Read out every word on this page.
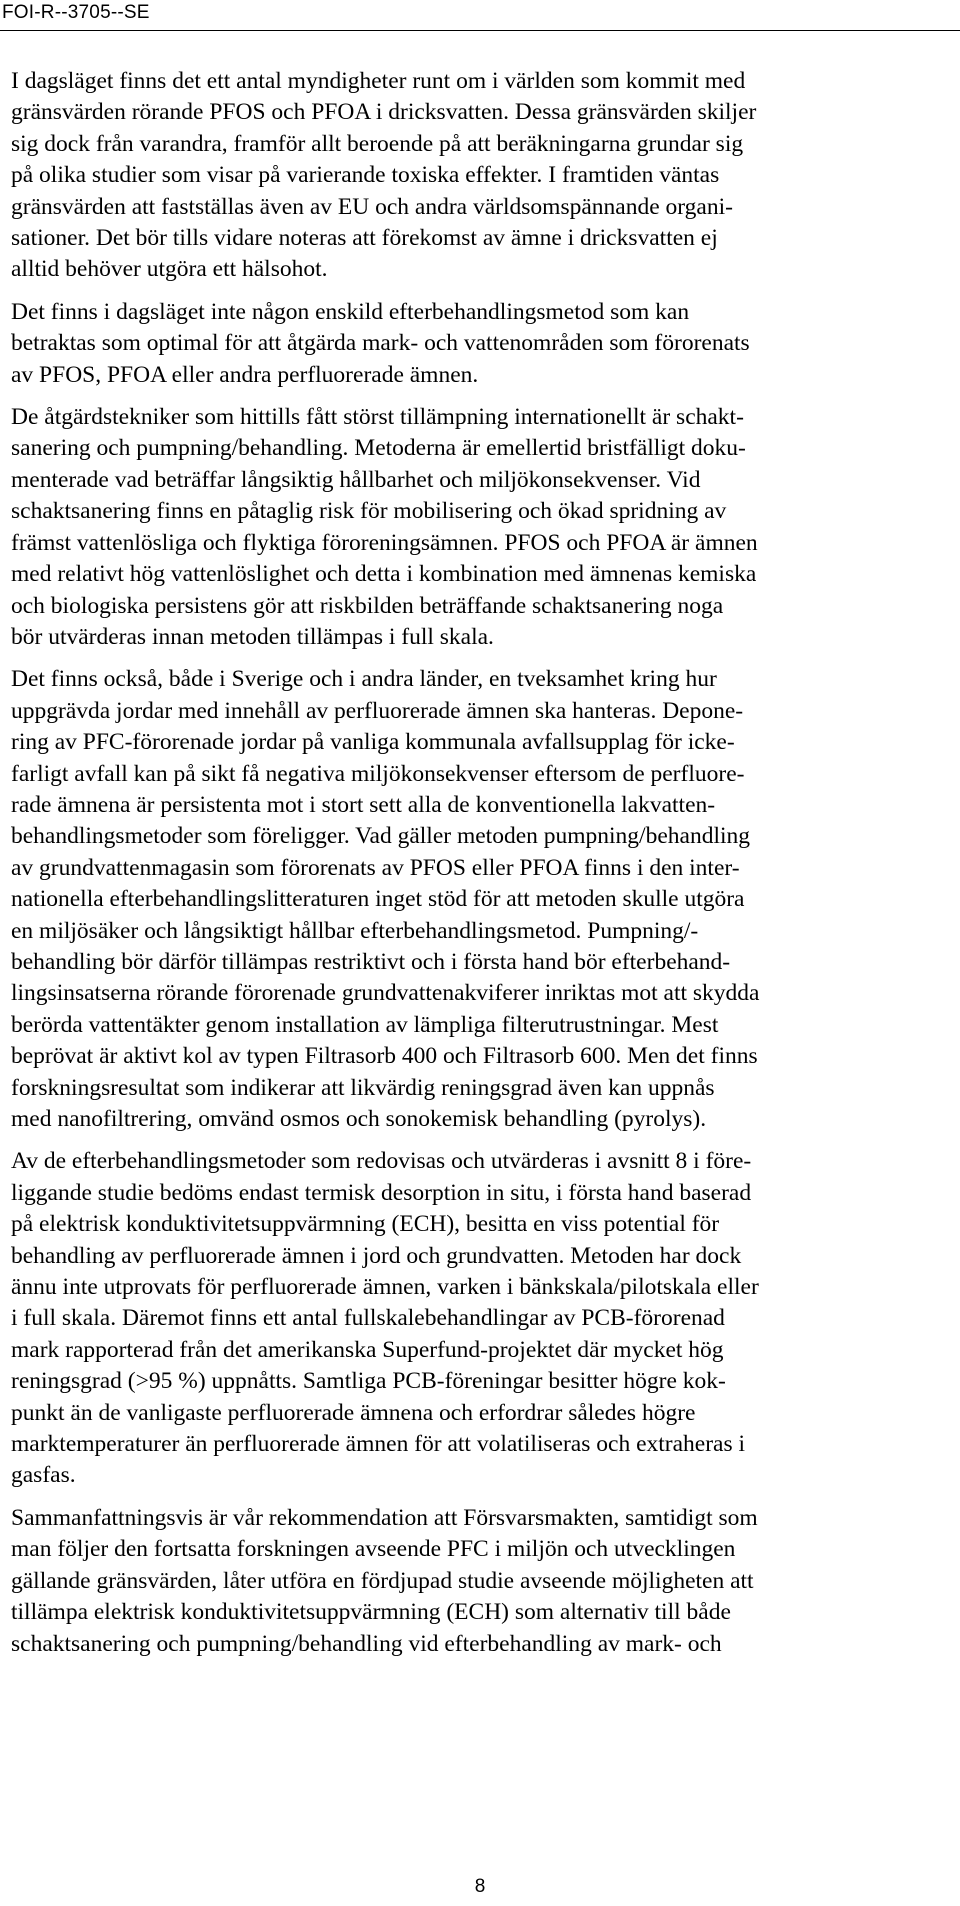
FOI-R--3705--SE

I dagsläget finns det ett antal myndigheter runt om i världen som kommit med
gränsvärden rörande PFOS och PFOA i dricksvatten. Dessa gränsvärden skiljer
sig dock från varandra, framför allt beroende på att beräkningarna grundar sig
på olika studier som visar på varierande toxiska effekter. I framtiden väntas
gränsvärden att fastställas även av EU och andra världsomspännande organi-
sationer. Det bör tills vidare noteras att förekomst av ämne i dricksvatten ej
alltid behöver utgöra ett hälsohot.

Det finns i dagsläget inte någon enskild efterbehandlingsmetod som kan
betraktas som optimal för att åtgärda mark- och vattenområden som förorenats
av PFOS, PFOA eller andra perfluorerade ämnen.

De åtgärdstekniker som hittills fått störst tillämpning internationellt är schakt-
sanering och pumpning/behandling. Metoderna är emellertid bristfälligt doku-
menterade vad beträffar långsiktig hållbarhet och miljökonsekvenser. Vid
schaktsanering finns en påtaglig risk för mobilisering och ökad spridning av
främst vattenlösliga och flyktiga föroreningsämnen. PFOS och PFOA är ämnen
med relativt hög vattenlöslighet och detta i kombination med ämnenas kemiska
och biologiska persistens gör att riskbilden beträffande schaktsanering noga
bör utvärderas innan metoden tillämpas i full skala.

Det finns också, både i Sverige och i andra länder, en tveksamhet kring hur
uppgrävda jordar med innehåll av perfluorerade ämnen ska hanteras. Depone-
ring av PFC-förorenade jordar på vanliga kommunala avfallsupplag för icke-
farligt avfall kan på sikt få negativa miljökonsekvenser eftersom de perfluore-
rade ämnena är persistenta mot i stort sett alla de konventionella lakvatten-
behandlingsmetoder som föreligger. Vad gäller metoden pumpning/behandling
av grundvattenmagasin som förorenats av PFOS eller PFOA finns i den inter-
nationella efterbehandlingslitteraturen inget stöd för att metoden skulle utgöra
en miljösäker och långsiktigt hållbar efterbehandlingsmetod. Pumpning/-
behandling bör därför tillämpas restriktivt och i första hand bör efterbehand-
lingsinsatserna rörande förorenade grundvattenakviferer inriktas mot att skydda
berörda vattentäkter genom installation av lämpliga filterutrustningar. Mest
beprövat är aktivt kol av typen Filtrasorb 400 och Filtrasorb 600. Men det finns
forskningsresultat som indikerar att likvärdig reningsgrad även kan uppnås
med nanofiltrering, omvänd osmos och sonokemisk behandling (pyrolys).

Av de efterbehandlingsmetoder som redovisas och utvärderas i avsnitt 8 i före-
liggande studie bedöms endast termisk desorption in situ, i första hand baserad
på elektrisk konduktivitetsuppvärmning (ECH), besitta en viss potential för
behandling av perfluorerade ämnen i jord och grundvatten. Metoden har dock
ännu inte utprovats för perfluorerade ämnen, varken i bänkskala/pilotskala eller
i full skala. Däremot finns ett antal fullskalebehandlingar av PCB-förorenad
mark rapporterad från det amerikanska Superfund-projektet där mycket hög
reningsgrad (>95 %) uppnåtts. Samtliga PCB-föreningar besitter högre kok-
punkt än de vanligaste perfluorerade ämnena och erfordrar således högre
marktemperaturer än perfluorerade ämnen för att volatiliseras och extraheras i
gasfas.

Sammanfattningsvis är vår rekommendation att Försvarsmakten, samtidigt som
man följer den fortsatta forskningen avseende PFC i miljön och utvecklingen
gällande gränsvärden, låter utföra en fördjupad studie avseende möjligheten att
tillämpa elektrisk konduktivitetsuppvärmning (ECH) som alternativ till både
schaktsanering och pumpning/behandling vid efterbehandling av mark- och

8
